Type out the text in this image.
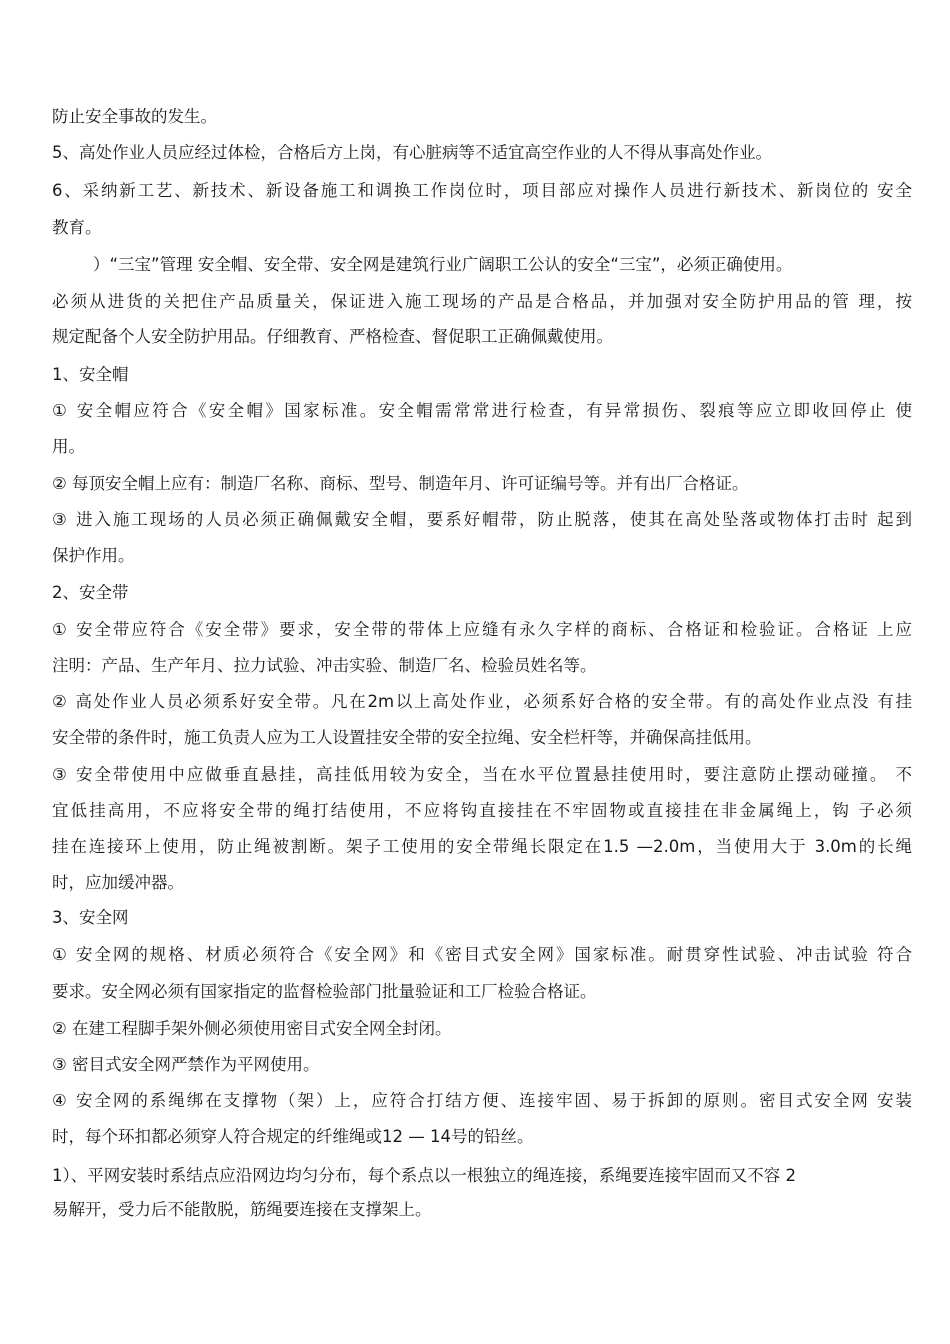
防止安全事故的发生。
5、高处作业人员应经过体检，合格后方上岗，有心脏病等不适宜高空作业的人不得从事高处作业。
6、采纳新工艺、新技术、新设备施工和调换工作岗位时，项目部应对操作人员进行新技术、新岗位的 安全
教育。
）“三宝”管理 安全帽、安全带、安全网是建筑行业广阔职工公认的安全“三宝”，必须正确使用。
必须从进货的关把住产品质量关，保证进入施工现场的产品是合格品，并加强对安全防护用品的管 理，按
规定配备个人安全防护用品。仔细教育、严格检查、督促职工正确佩戴使用。
1、安全帽
① 安全帽应符合《安全帽》国家标准。安全帽需常常进行检查，有异常损伤、裂痕等应立即收回停止 使
用。
② 每顶安全帽上应有：制造厂名称、商标、型号、制造年月、许可证编号等。并有出厂合格证。
③ 进入施工现场的人员必须正确佩戴安全帽，要系好帽带，防止脱落，使其在高处坠落或物体打击时 起到
保护作用。
2、安全带
① 安全带应符合《安全带》要求，安全带的带体上应缝有永久字样的商标、合格证和检验证。合格证 上应
注明：产品、生产年月、拉力试验、冲击实验、制造厂名、检验员姓名等。
② 高处作业人员必须系好安全带。凡在2m以上高处作业，必须系好合格的安全带。有的高处作业点没 有挂
安全带的条件时，施工负责人应为工人设置挂安全带的安全拉绳、安全栏杆等，并确保高挂低用。
③ 安全带使用中应做垂直悬挂，高挂低用较为安全，当在水平位置悬挂使用时，要注意防止摆动碰撞。 不
宜低挂高用，不应将安全带的绳打结使用，不应将钩直接挂在不牢固物或直接挂在非金属绳上，钩 子必须
挂在连接环上使用，防止绳被割断。架子工使用的安全带绳长限定在1.5 —2.0m，当使用大于 3.0m的长绳
时，应加缓冲器。
3、安全网
① 安全网的规格、材质必须符合《安全网》和《密目式安全网》国家标准。耐贯穿性试验、冲击试验 符合
要求。安全网必须有国家指定的监督检验部门批量验证和工厂检验合格证。
② 在建工程脚手架外侧必须使用密目式安全网全封闭。
③ 密目式安全网严禁作为平网使用。
④ 安全网的系绳绑在支撑物（架）上，应符合打结方便、连接牢固、易于拆卸的原则。密目式安全网 安装
时，每个环扣都必须穿人符合规定的纤维绳或12 — 14号的铅丝。
1）、平网安装时系结点应沿网边均匀分布，每个系点以一根独立的绳连接，系绳要连接牢固而又不容 2
易解开，受力后不能散脱，筋绳要连接在支撑架上。
